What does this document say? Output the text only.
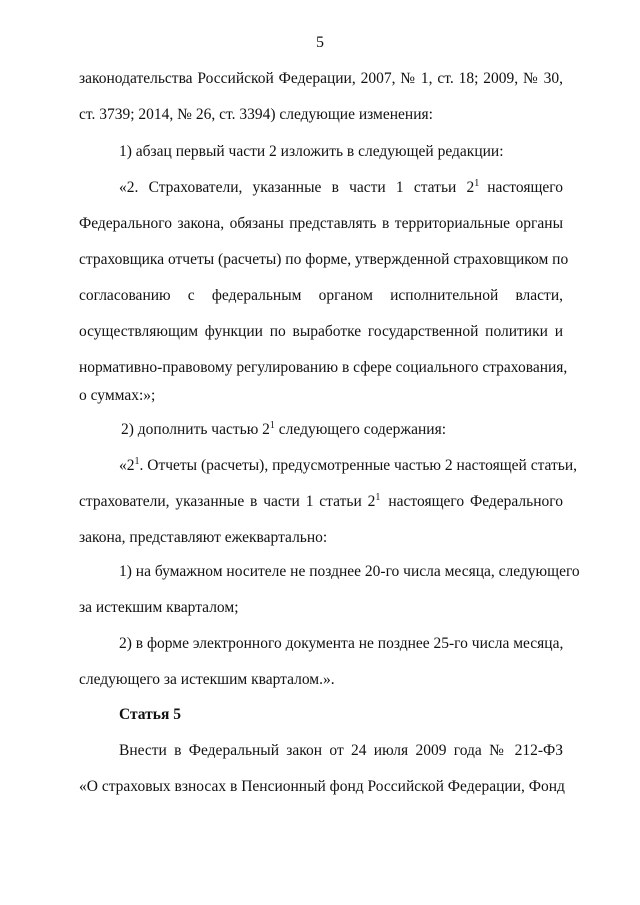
5
законодательства Российской Федерации, 2007, № 1, ст. 18; 2009, № 30,
ст. 3739; 2014, № 26, ст. 3394) следующие изменения:
1) абзац первый части 2 изложить в следующей редакции:
«2. Страхователи, указанные в части 1 статьи $2^1$ настоящего
Федерального закона, обязаны представлять в территориальные органы
страховщика отчеты (расчеты) по форме, утвержденной страховщиком по
согласованию с федеральным органом исполнительной власти,
осуществляющим функции по выработке государственной политики и
нормативно-правовому регулированию в сфере социального страхования,
о суммах:»;
2) дополнить частью $2^1$ следующего содержания:
«$2^1$. Отчеты (расчеты), предусмотренные частью 2 настоящей статьи,
страхователи, указанные в части 1 статьи $2^1$ настоящего Федерального
закона, представляют ежеквартально:
1) на бумажном носителе не позднее 20-го числа месяца, следующего
за истекшим кварталом;
2) в форме электронного документа не позднее 25-го числа месяца,
следующего за истекшим кварталом.».
Статья 5
Внести в Федеральный закон от 24 июля 2009 года № 212-ФЗ
«О страховых взносах в Пенсионный фонд Российской Федерации, Фонд
